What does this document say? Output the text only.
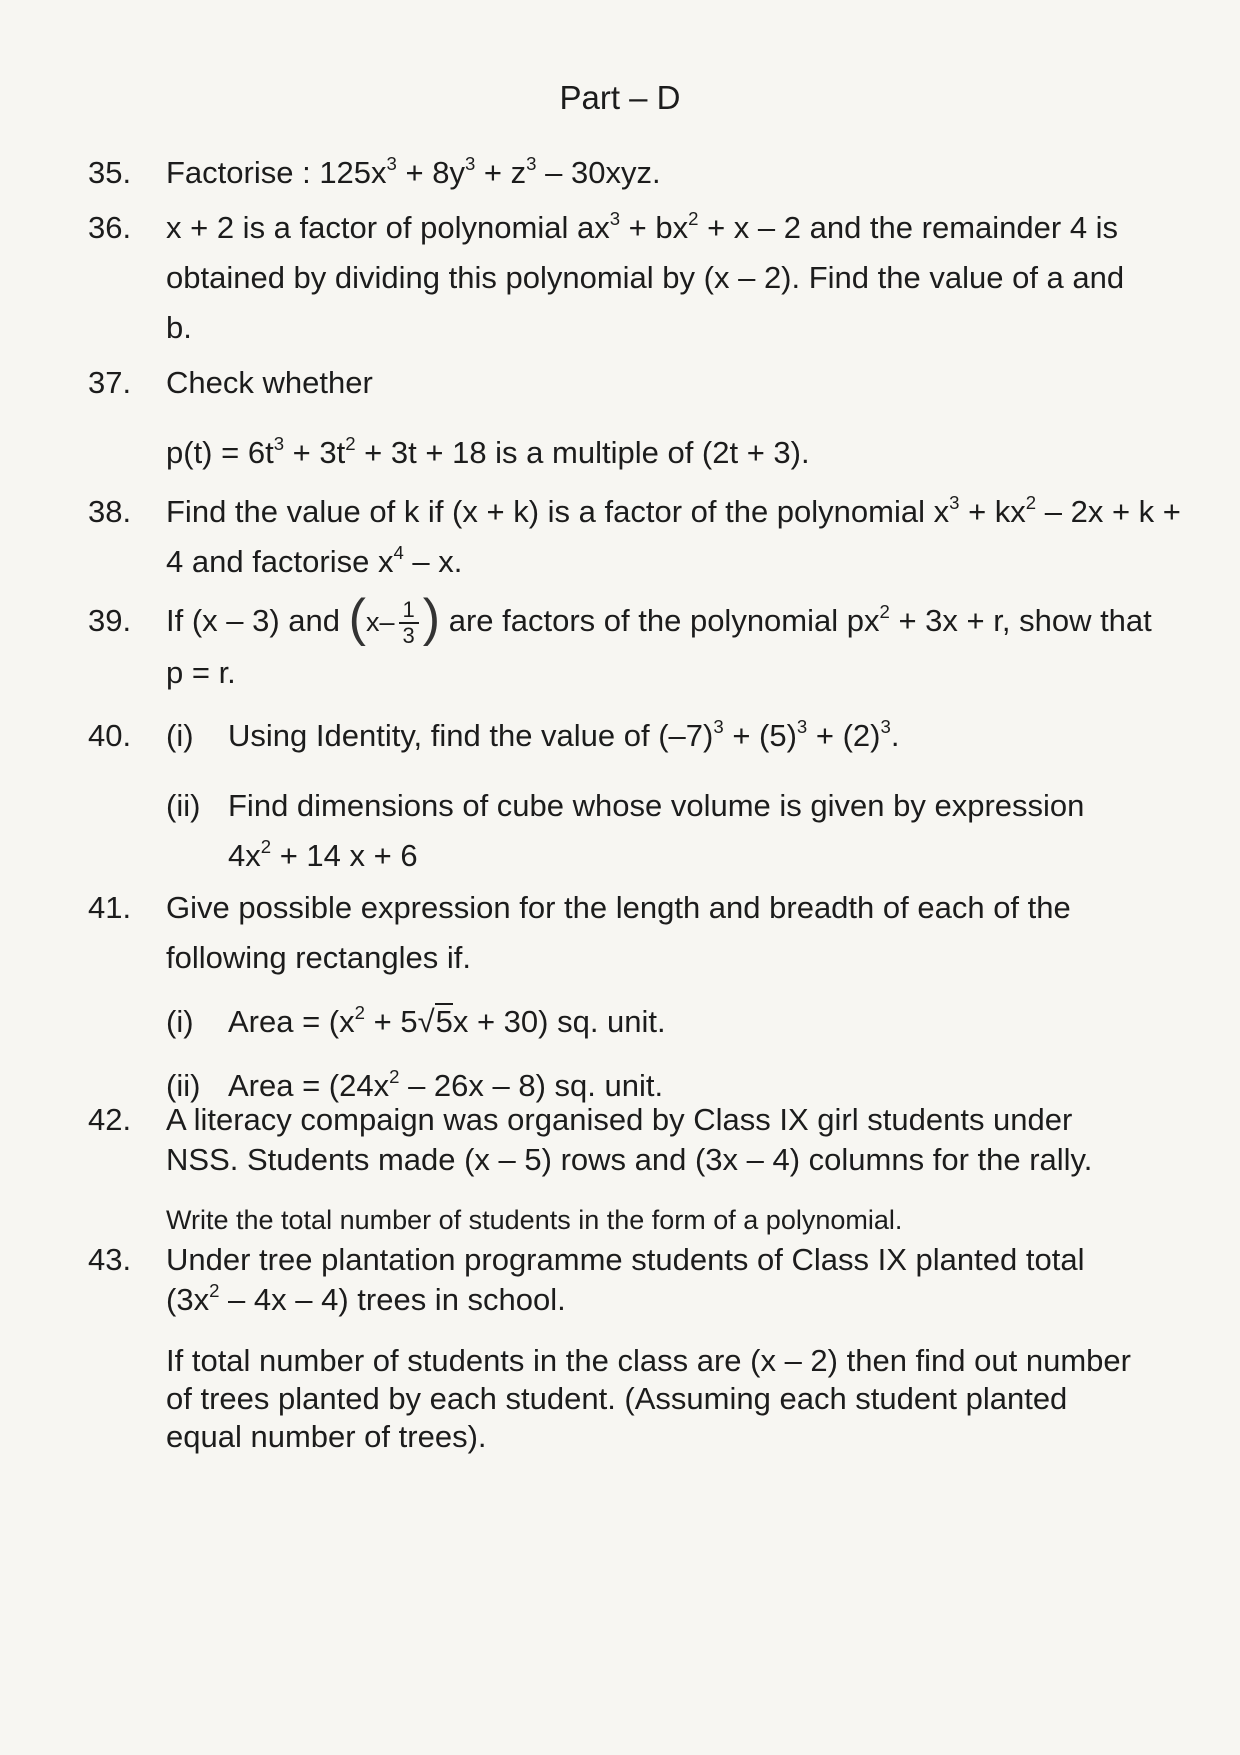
Part – D
35.	Factorise : $125x^3 + 8y^3 + z^3 - 30xyz$.
36.	x + 2 is a factor of polynomial $ax^3 + bx^2 + x - 2$ and the remainder 4 is
obtained by dividing this polynomial by (x – 2). Find the value of a and
b.
37.	Check whether
$p(t) = 6t^3 + 3t^2 + 3t + 18$ is a multiple of (2t + 3).
38.	Find the value of k if (x + k) is a factor of the polynomial $x^3 + kx^2 - 2x + k$ +
4 and factorise $x^4$ – x.
39.	If (x – 3) and ($x- \frac{1}{3}$ ) are factors of the polynomial $px^2 + 3x + r$, show that
p = r.
40.	(i)	Using Identity, find the value of $(-7)^3 + (5)^3 + (2)^3$.
(ii) Find dimensions of cube whose volume is given by expression
$4x^2 + 14$ x + 6
41.	Give possible expression for the length and breadth of each of the
following rectangles if.
(i)	Area = $(x^2 + 5√5x + 30)$ sq. unit.
(ii) Area = $(24x^2 - 26x - 8)$ sq. unit.
42.	A literacy compaign was organised by Class IX girl students under
NSS. Students made (x – 5) rows and (3x – 4) columns for the rally.
Write the total number of students in the form of a polynomial.
43.	Under tree plantation programme students of Class IX planted total
$(3x^2 - 4x - 4)$ trees in school.
If total number of students in the class are (x – 2) then find out number
of trees planted by each student. (Assuming each student planted
equal number of trees).
